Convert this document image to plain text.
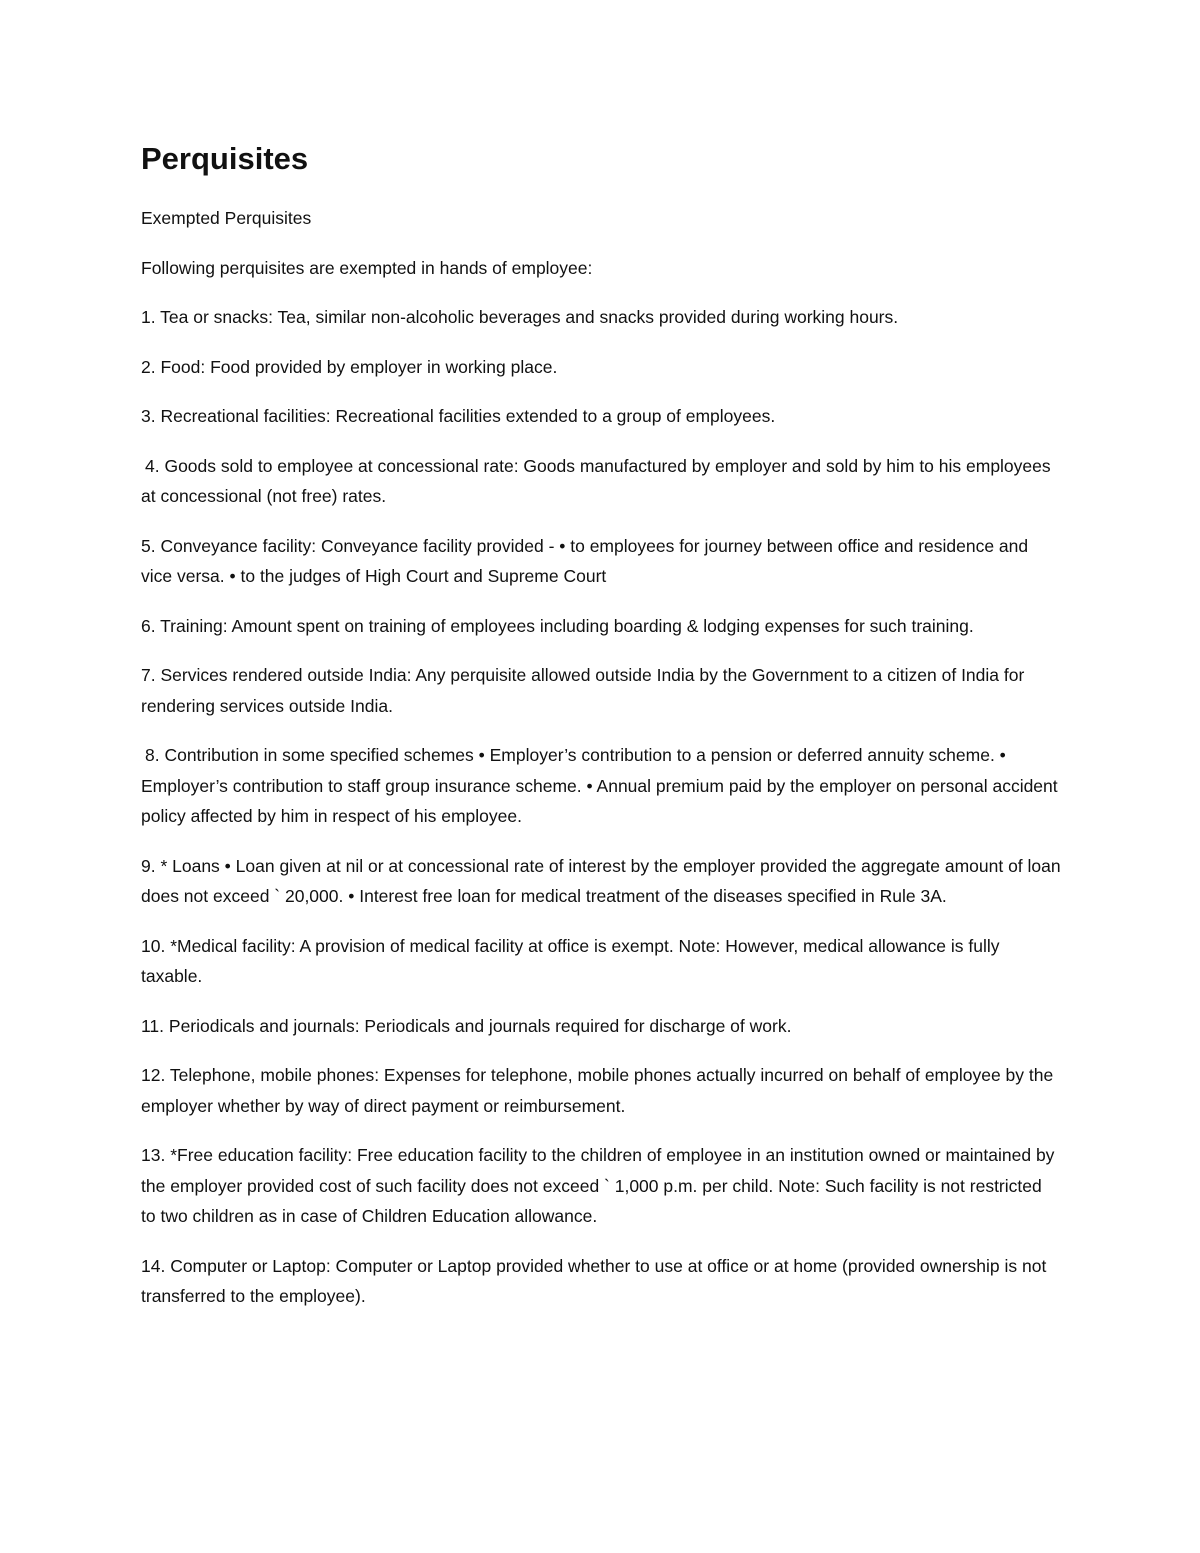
Perquisites

Exempted Perquisites

Following perquisites are exempted in hands of employee:

1. Tea or snacks: Tea, similar non-alcoholic beverages and snacks provided during working hours.

2. Food: Food provided by employer in working place.

3. Recreational facilities: Recreational facilities extended to a group of employees.

4. Goods sold to employee at concessional rate: Goods manufactured by employer and sold by him to his employees at concessional (not free) rates.

5. Conveyance facility: Conveyance facility provided - • to employees for journey between office and residence and vice versa. • to the judges of High Court and Supreme Court

6. Training: Amount spent on training of employees including boarding & lodging expenses for such training.

7. Services rendered outside India: Any perquisite allowed outside India by the Government to a citizen of India for rendering services outside India.

8. Contribution in some specified schemes • Employer’s contribution to a pension or deferred annuity scheme. • Employer’s contribution to staff group insurance scheme. • Annual premium paid by the employer on personal accident policy affected by him in respect of his employee.

9. * Loans • Loan given at nil or at concessional rate of interest by the employer provided the aggregate amount of loan does not exceed ` 20,000. • Interest free loan for medical treatment of the diseases specified in Rule 3A.

10. *Medical facility: A provision of medical facility at office is exempt. Note: However, medical allowance is fully taxable.

11. Periodicals and journals: Periodicals and journals required for discharge of work.

12. Telephone, mobile phones: Expenses for telephone, mobile phones actually incurred on behalf of employee by the employer whether by way of direct payment or reimbursement.

13. *Free education facility: Free education facility to the children of employee in an institution owned or maintained by the employer provided cost of such facility does not exceed ` 1,000 p.m. per child. Note: Such facility is not restricted to two children as in case of Children Education allowance.

14. Computer or Laptop: Computer or Laptop provided whether to use at office or at home (provided ownership is not transferred to the employee).
